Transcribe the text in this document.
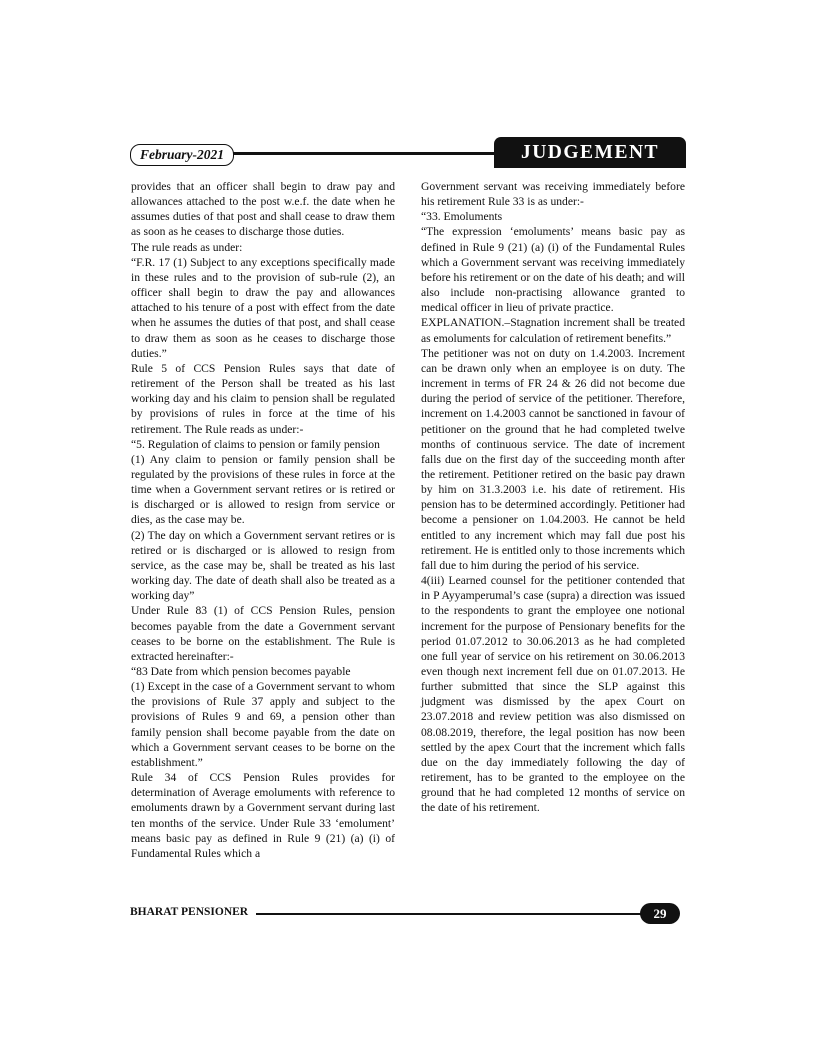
February-2021	JUDGEMENT

provides that an officer shall begin to draw pay and allowances attached to the post w.e.f. the date when he assumes duties of that post and shall cease to draw them as soon as he ceases to discharge those duties.

The rule reads as under:

“F.R. 17 (1) Subject to any exceptions specifically made in these rules and to the provision of sub-rule (2), an officer shall begin to draw the pay and allowances attached to his tenure of a post with effect from the date when he assumes the duties of that post, and shall cease to draw them as soon as he ceases to discharge those duties.”

Rule 5 of CCS Pension Rules says that date of retirement of the Person shall be treated as his last working day and his claim to pension shall be regulated by provisions of rules in force at the time of his retirement. The Rule reads as under:-

“5. Regulation of claims to pension or family pension

(1) Any claim to pension or family pension shall be regulated by the provisions of these rules in force at the time when a Government servant retires or is retired or is discharged or is allowed to resign from service or dies, as the case may be.

(2) The day on which a Government servant retires or is retired or is discharged or is allowed to resign from service, as the case may be, shall be treated as his last working day. The date of death shall also be treated as a working day”

Under Rule 83 (1) of CCS Pension Rules, pension becomes payable from the date a Government servant ceases to be borne on the establishment. The Rule is extracted hereinafter:-

“83 Date from which pension becomes payable

(1) Except in the case of a Government servant to whom the provisions of Rule 37 apply and subject to the provisions of Rules 9 and 69, a pension other than family pension shall become payable from the date on which a Government servant ceases to be borne on the establishment.”

Rule 34 of CCS Pension Rules provides for determination of Average emoluments with reference to emoluments drawn by a Government servant during last ten months of the service. Under Rule 33 ‘emolument’ means basic pay as defined in Rule 9 (21) (a) (i) of Fundamental Rules which a

Government servant was receiving immediately before his retirement Rule 33 is as under:-

“33. Emoluments

“The expression ‘emoluments’ means basic pay as defined in Rule 9 (21) (a) (i) of the Fundamental Rules which a Government servant was receiving immediately before his retirement or on the date of his death; and will also include non-practising allowance granted to medical officer in lieu of private practice.

EXPLANATION.–Stagnation increment shall be treated as emoluments for calculation of retirement benefits.”

The petitioner was not on duty on 1.4.2003. Increment can be drawn only when an employee is on duty. The increment in terms of FR 24 & 26 did not become due during the period of service of the petitioner. Therefore, increment on 1.4.2003 cannot be sanctioned in favour of petitioner on the ground that he had completed twelve months of continuous service. The date of increment falls due on the first day of the succeeding month after the retirement. Petitioner retired on the basic pay drawn by him on 31.3.2003 i.e. his date of retirement. His pension has to be determined accordingly. Petitioner had become a pensioner on 1.04.2003. He cannot be held entitled to any increment which may fall due post his retirement. He is entitled only to those increments which fall due to him during the period of his service.

4(iii) Learned counsel for the petitioner contended that in P Ayyamperumal’s case (supra) a direction was issued to the respondents to grant the employee one notional increment for the purpose of Pensionary benefits for the period 01.07.2012 to 30.06.2013 as he had completed one full year of service on his retirement on 30.06.2013 even though next increment fell due on 01.07.2013. He further submitted that since the SLP against this judgment was dismissed by the apex Court on 23.07.2018 and review petition was also dismissed on 08.08.2019, therefore, the legal position has now been settled by the apex Court that the increment which falls due on the day immediately following the day of retirement, has to be granted to the employee on the ground that he had completed 12 months of service on the date of his retirement.

BHARAT PENSIONER	29
